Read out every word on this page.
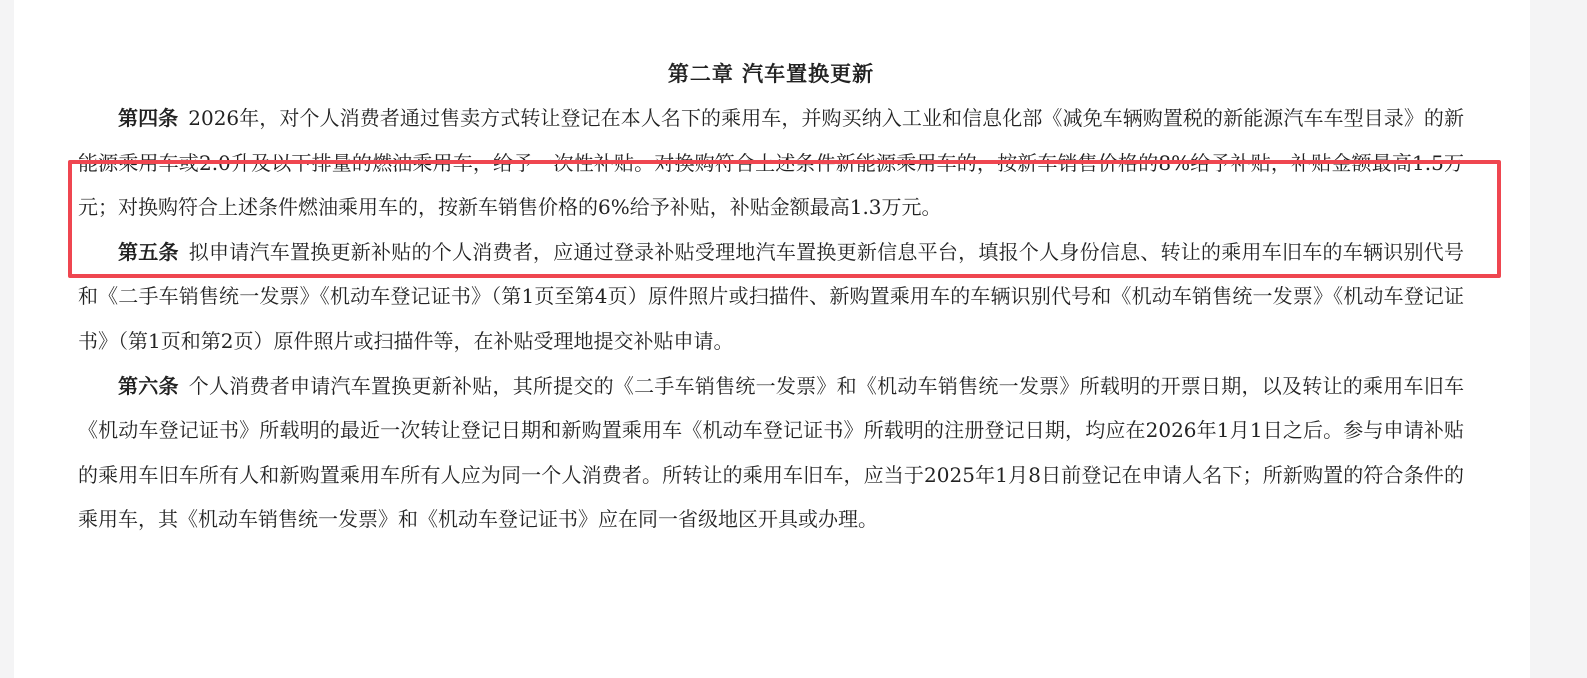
第二章 汽车置换更新

第四条 2026年，对个人消费者通过售卖方式转让登记在本人名下的乘用车，并购买纳入工业和信息化部《减免车辆购置税的新能源汽车车型目录》的新能源乘用车或2.0升及以下排量的燃油乘用车，给予一次性补贴。对换购符合上述条件新能源乘用车的，按新车销售价格的8%给予补贴，补贴金额最高1.5万元；对换购符合上述条件燃油乘用车的，按新车销售价格的6%给予补贴，补贴金额最高1.3万元。

第五条 拟申请汽车置换更新补贴的个人消费者，应通过登录补贴受理地汽车置换更新信息平台，填报个人身份信息、转让的乘用车旧车的车辆识别代号和《二手车销售统一发票》《机动车登记证书》（第1页至第4页）原件照片或扫描件、新购置乘用车的车辆识别代号和《机动车销售统一发票》《机动车登记证书》（第1页和第2页）原件照片或扫描件等，在补贴受理地提交补贴申请。

第六条 个人消费者申请汽车置换更新补贴，其所提交的《二手车销售统一发票》和《机动车销售统一发票》所载明的开票日期，以及转让的乘用车旧车《机动车登记证书》所载明的最近一次转让登记日期和新购置乘用车《机动车登记证书》所载明的注册登记日期，均应在2026年1月1日之后。参与申请补贴的乘用车旧车所有人和新购置乘用车所有人应为同一个人消费者。所转让的乘用车旧车，应当于2025年1月8日前登记在申请人名下；所新购置的符合条件的乘用车，其《机动车销售统一发票》和《机动车登记证书》应在同一省级地区开具或办理。
